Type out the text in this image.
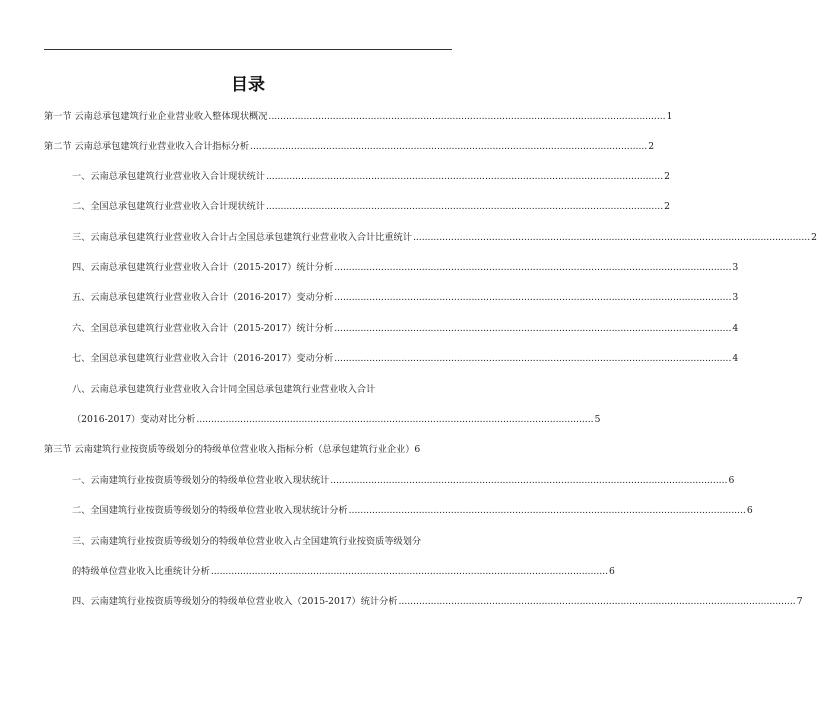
目录
第一节 云南总承包建筑行业企业营业收入整体现状概况 ........................................................................................................................................ 1
第二节 云南总承包建筑行业营业收入合计指标分析 ........................................................................................................................................ 2
一、云南总承包建筑行业营业收入合计现状统计 ........................................................................................................................................ 2
二、全国总承包建筑行业营业收入合计现状统计 ........................................................................................................................................ 2
三、云南总承包建筑行业营业收入合计占全国总承包建筑行业营业收入合计比重统计 ........................................................................................................................................ 2
四、云南总承包建筑行业营业收入合计（2015-2017）统计分析 ........................................................................................................................................ 3
五、云南总承包建筑行业营业收入合计（2016-2017）变动分析 ........................................................................................................................................ 3
六、全国总承包建筑行业营业收入合计（2015-2017）统计分析 ........................................................................................................................................ 4
七、全国总承包建筑行业营业收入合计（2016-2017）变动分析 ........................................................................................................................................ 4
八、云南总承包建筑行业营业收入合计同全国总承包建筑行业营业收入合计
（2016-2017）变动对比分析 ........................................................................................................................................ 5
第三节 云南建筑行业按资质等级划分的特级单位营业收入指标分析（总承包建筑行业企业） 6
一、云南建筑行业按资质等级划分的特级单位营业收入现状统计 ........................................................................................................................................ 6
二、全国建筑行业按资质等级划分的特级单位营业收入现状统计分析 ........................................................................................................................................ 6
三、云南建筑行业按资质等级划分的特级单位营业收入占全国建筑行业按资质等级划分
的特级单位营业收入比重统计分析 ........................................................................................................................................ 6
四、云南建筑行业按资质等级划分的特级单位营业收入（2015-2017）统计分析 ........................................................................................................................................ 7
